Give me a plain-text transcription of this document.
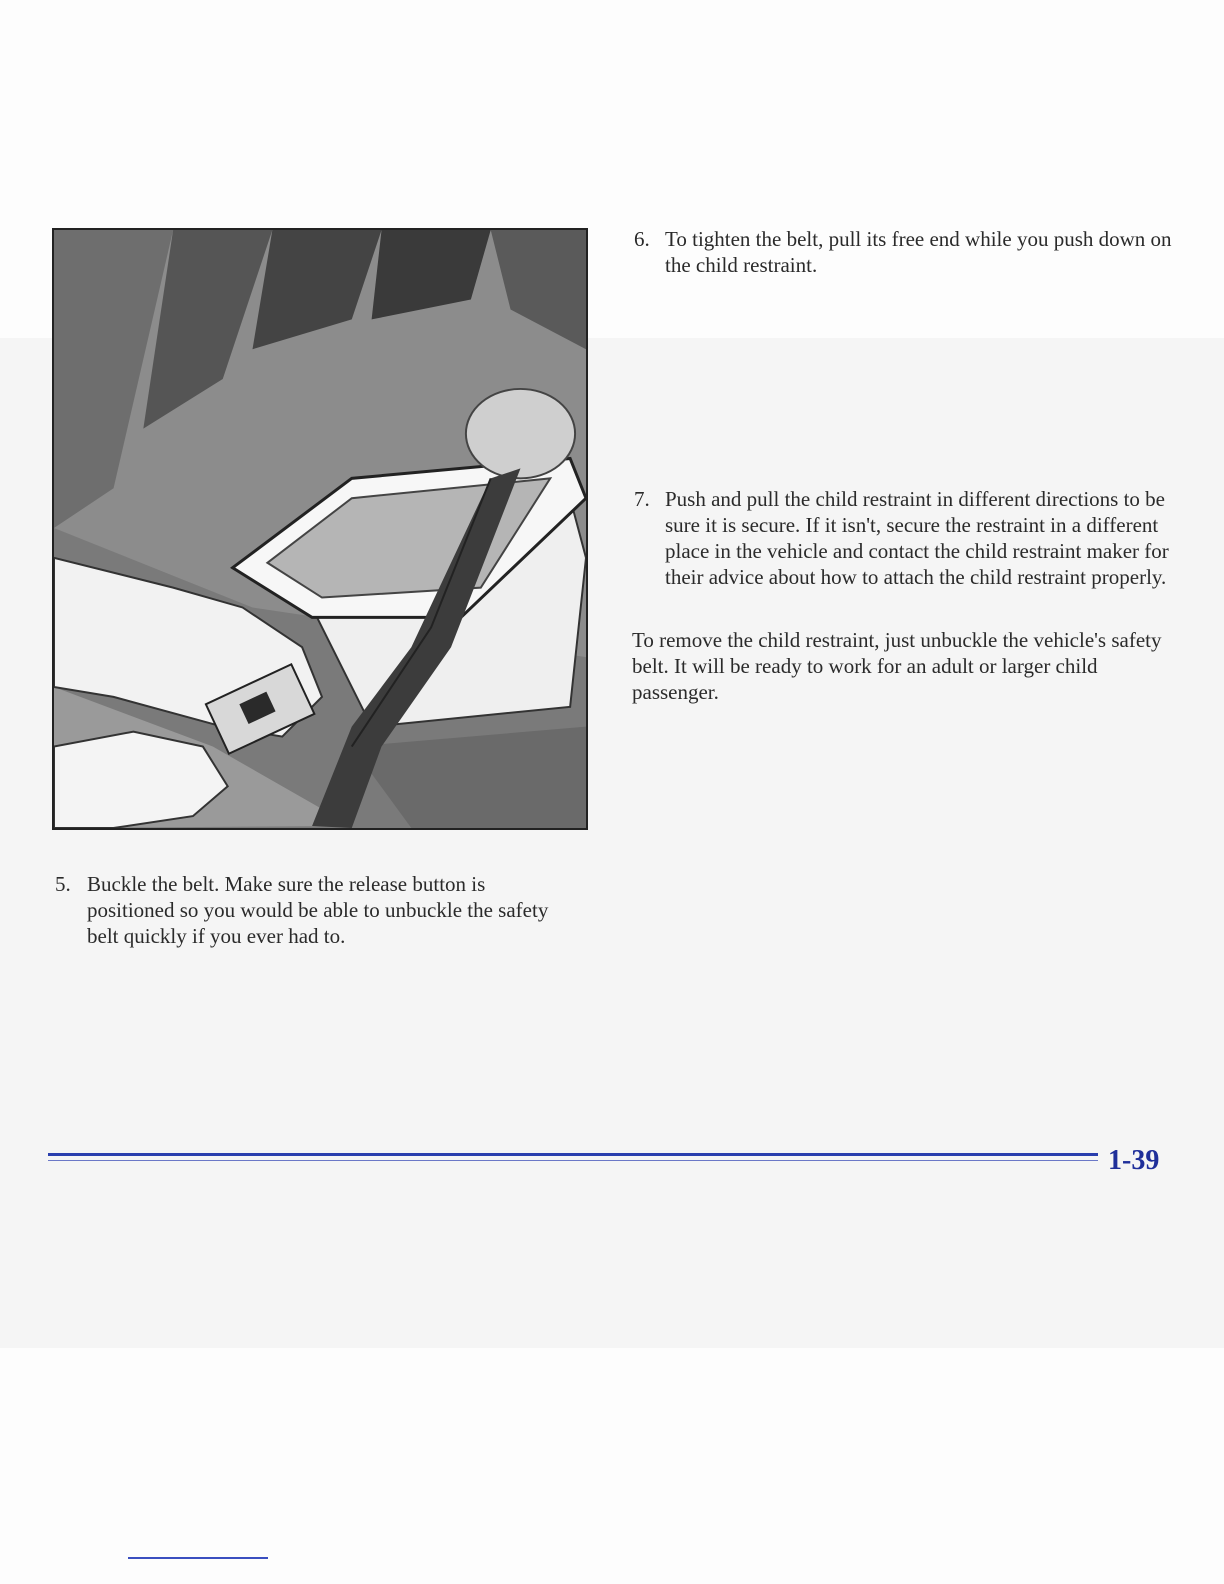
6. To tighten the belt, pull its free end while you push down on the child restraint.
7. Push and pull the child restraint in different directions to be sure it is secure. If it isn't, secure the restraint in a different place in the vehicle and contact the child restraint maker for their advice about how to attach the child restraint properly.

To remove the child restraint, just unbuckle the vehicle's safety belt. It will be ready to work for an adult or larger child passenger.

5. Buckle the belt. Make sure the release button is positioned so you would be able to unbuckle the safety belt quickly if you ever had to.
1-39
